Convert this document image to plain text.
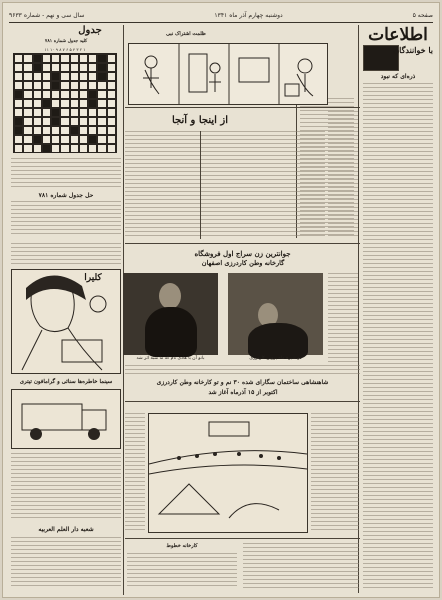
صفحه ۵
دوشنبه چهارم آذر ماه ۱۳۴۱
سال سی و نهم - شماره ۹۶۳۳
اطلاعات
با خوانندگان
ذره‌ای که نبود
ظلمت اشتراک نبی
از اینجا و آنجا
جدول
کلید جدول شماره ۷۸۱
۱ ۲ ۳ ۴ ۵ ۶ ۷ ۸ ۹ ۱۰ ۱۱
حل جدول شماره ۷۸۱
جوانترین زن سراج اول فروشگاه
گارخانه وطن کاردرزی اصفهان
بانو آن با هادی نام که ما شبه اثر شد	دو شیزه ماه پروین کاردرزی
شاهنشاهی ساختمان سگارای شده ۳۰ نم و تو کارخانه وطن کاردرزی
اکتوبر از ۱۵ آذرماه آغاز شد
کارخانه خطوط
کلیرا
سینما خاطره‌ها سنائی و گرامافون تیتری
شعبه دار العلم العربیه
